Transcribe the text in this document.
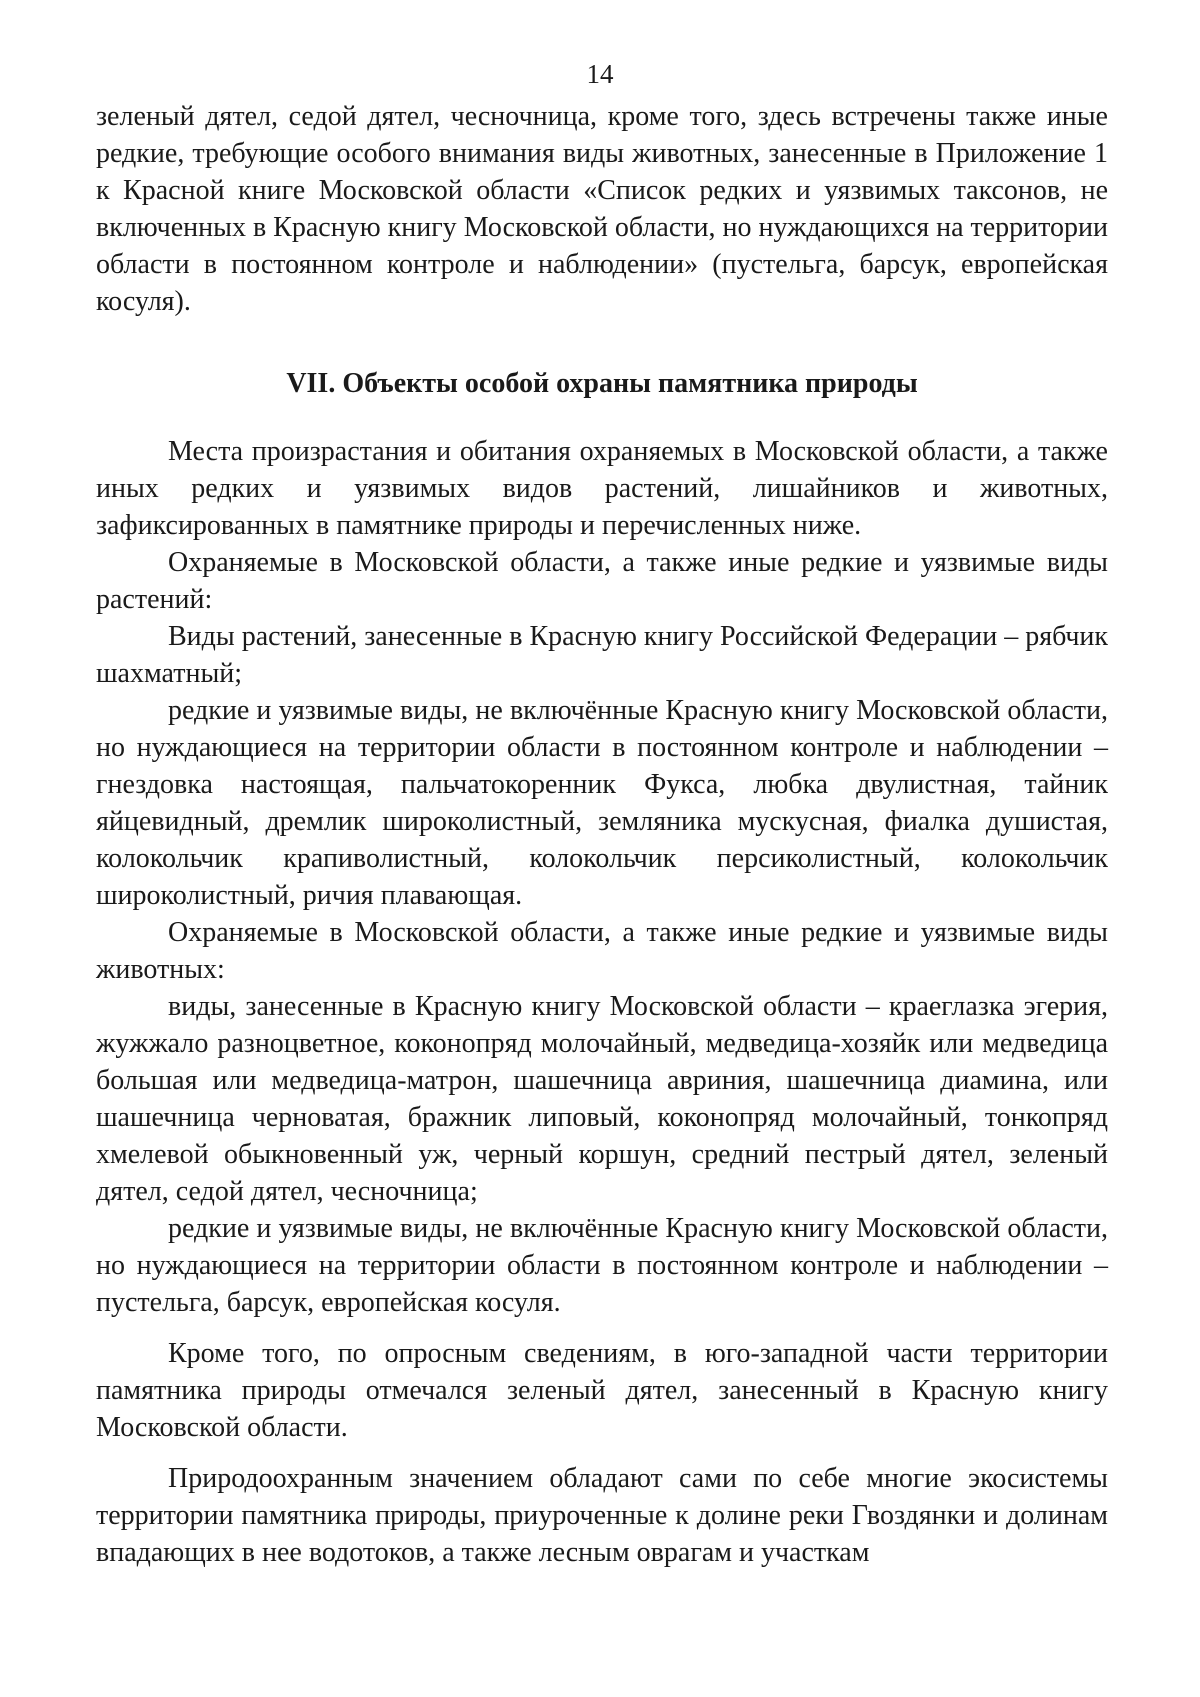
14

зеленый дятел, седой дятел, чесночница, кроме того, здесь встречены также иные редкие, требующие особого внимания виды животных, занесенные в Приложение 1 к Красной книге Московской области «Список редких и уязвимых таксонов, не включенных в Красную книгу Московской области, но нуждающихся на территории области в постоянном контроле и наблюдении» (пустельга, барсук, европейская косуля).

VII. Объекты особой охраны памятника природы

Места произрастания и обитания охраняемых в Московской области, а также иных редких и уязвимых видов растений, лишайников и животных, зафиксированных в памятнике природы и перечисленных ниже.

Охраняемые в Московской области, а также иные редкие и уязвимые виды растений:

Виды растений, занесенные в Красную книгу Российской Федерации – рябчик шахматный;

редкие и уязвимые виды, не включённые Красную книгу Московской области, но нуждающиеся на территории области в постоянном контроле и наблюдении – гнездовка настоящая, пальчатокоренник Фукса, любка двулистная, тайник яйцевидный, дремлик широколистный, земляника мускусная, фиалка душистая, колокольчик крапиволистный, колокольчик персиколистный, колокольчик широколистный, ричия плавающая.

Охраняемые в Московской области, а также иные редкие и уязвимые виды животных:

виды, занесенные в Красную книгу Московской области – краеглазка эгерия, жужжало разноцветное, коконопряд молочайный, медведица-хозяйк или медведица большая или медведица-матрон, шашечница авриния, шашечница диамина, или шашечница черноватая, бражник липовый, коконопряд молочайный, тонкопряд хмелевой обыкновенный уж, черный коршун, средний пестрый дятел, зеленый дятел, седой дятел, чесночница;

редкие и уязвимые виды, не включённые Красную книгу Московской области, но нуждающиеся на территории области в постоянном контроле и наблюдении – пустельга, барсук, европейская косуля.

Кроме того, по опросным сведениям, в юго-западной части территории памятника природы отмечался зеленый дятел, занесенный в Красную книгу Московской области.

Природоохранным значением обладают сами по себе многие экосистемы территории памятника природы, приуроченные к долине реки Гвоздянки и долинам впадающих в нее водотоков, а также лесным оврагам и участкам
